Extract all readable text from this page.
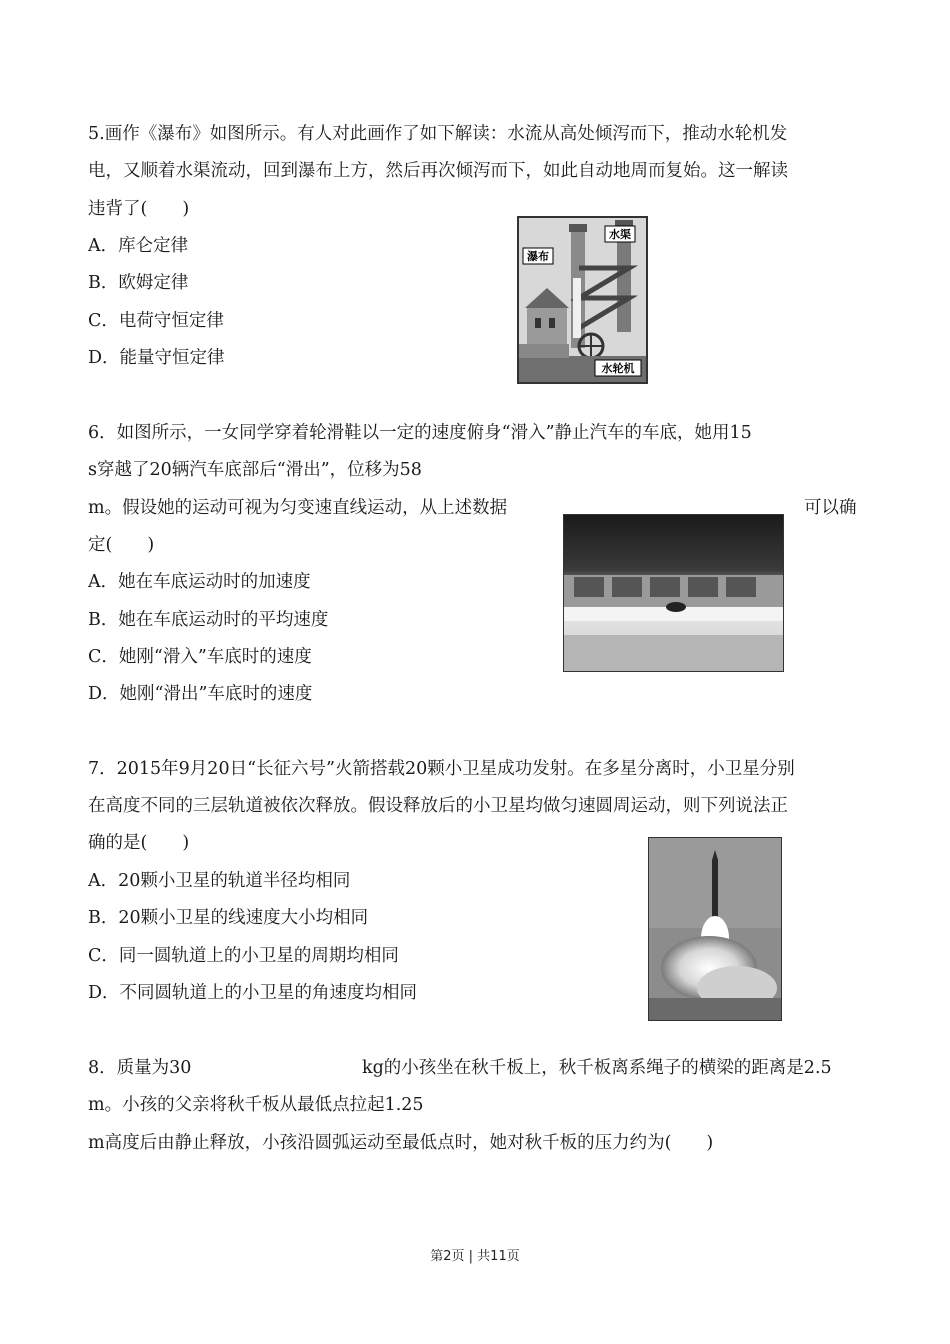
5.画作《瀑布》如图所示。有人对此画作了如下解读：水流从高处倾泻而下，推动水轮机发
电，又顺着水渠流动，回到瀑布上方，然后再次倾泻而下，如此自动地周而复始。这一解读
违背了(　　)
A．库仑定律
B．欧姆定律
C．电荷守恒定律
D．能量守恒定律
水渠
瀑布
水轮机
6．如图所示，一女同学穿着轮滑鞋以一定的速度俯身“滑入”静止汽车的车底，她用15
s穿越了20辆汽车底部后“滑出”，位移为58
m。假设她的运动可视为匀变速直线运动，从上述数据	可以确
定(　　)
A．她在车底运动时的加速度
B．她在车底运动时的平均速度
C．她刚“滑入”车底时的速度
D．她刚“滑出”车底时的速度
7．2015年9月20日“长征六号”火箭搭载20颗小卫星成功发射。在多星分离时，小卫星分别
在高度不同的三层轨道被依次释放。假设释放后的小卫星均做匀速圆周运动，则下列说法正
确的是(　　)
A．20颗小卫星的轨道半径均相同
B．20颗小卫星的线速度大小均相同
C．同一圆轨道上的小卫星的周期均相同
D．不同圆轨道上的小卫星的角速度均相同
8．质量为30	kg的小孩坐在秋千板上，秋千板离系绳子的横梁的距离是2.5
m。小孩的父亲将秋千板从最低点拉起1.25
m高度后由静止释放，小孩沿圆弧运动至最低点时，她对秋千板的压力约为(　　)
第2页 | 共11页
